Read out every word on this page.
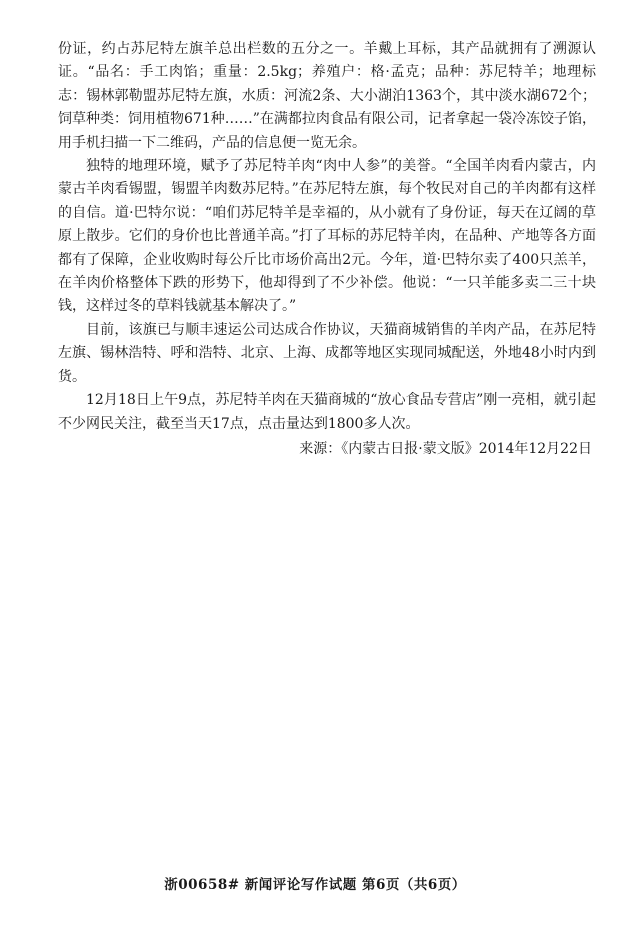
份证，约占苏尼特左旗羊总出栏数的五分之一。羊戴上耳标，其产品就拥有了溯源认证。“品名：手工肉馅；重量：2.5kg；养殖户：格·孟克；品种：苏尼特羊；地理标志：锡林郭勒盟苏尼特左旗，水质：河流2条、大小湖泊1363个，其中淡水湖672个；饲草种类：饲用植物671种……”在满都拉肉食品有限公司，记者拿起一袋冷冻饺子馅，用手机扫描一下二维码，产品的信息便一览无余。

独特的地理环境，赋予了苏尼特羊肉“肉中人参”的美誉。“全国羊肉看内蒙古，内蒙古羊肉看锡盟，锡盟羊肉数苏尼特。”在苏尼特左旗，每个牧民对自己的羊肉都有这样的自信。道·巴特尔说：“咱们苏尼特羊是幸福的，从小就有了身份证，每天在辽阔的草原上散步。它们的身价也比普通羊高。”打了耳标的苏尼特羊肉，在品种、产地等各方面都有了保障，企业收购时每公斤比市场价高出2元。今年，道·巴特尔卖了400只羔羊，在羊肉价格整体下跌的形势下，他却得到了不少补偿。他说：“一只羊能多卖二三十块钱，这样过冬的草料钱就基本解决了。”

目前，该旗已与顺丰速运公司达成合作协议，天猫商城销售的羊肉产品，在苏尼特左旗、锡林浩特、呼和浩特、北京、上海、成都等地区实现同城配送，外地48小时内到货。

12月18日上午9点，苏尼特羊肉在天猫商城的“放心食品专营店”刚一亮相，就引起不少网民关注，截至当天17点，点击量达到1800多人次。

来源：《内蒙古日报·蒙文版》2014年12月22日

浙00658# 新闻评论写作试题 第6页（共6页）
